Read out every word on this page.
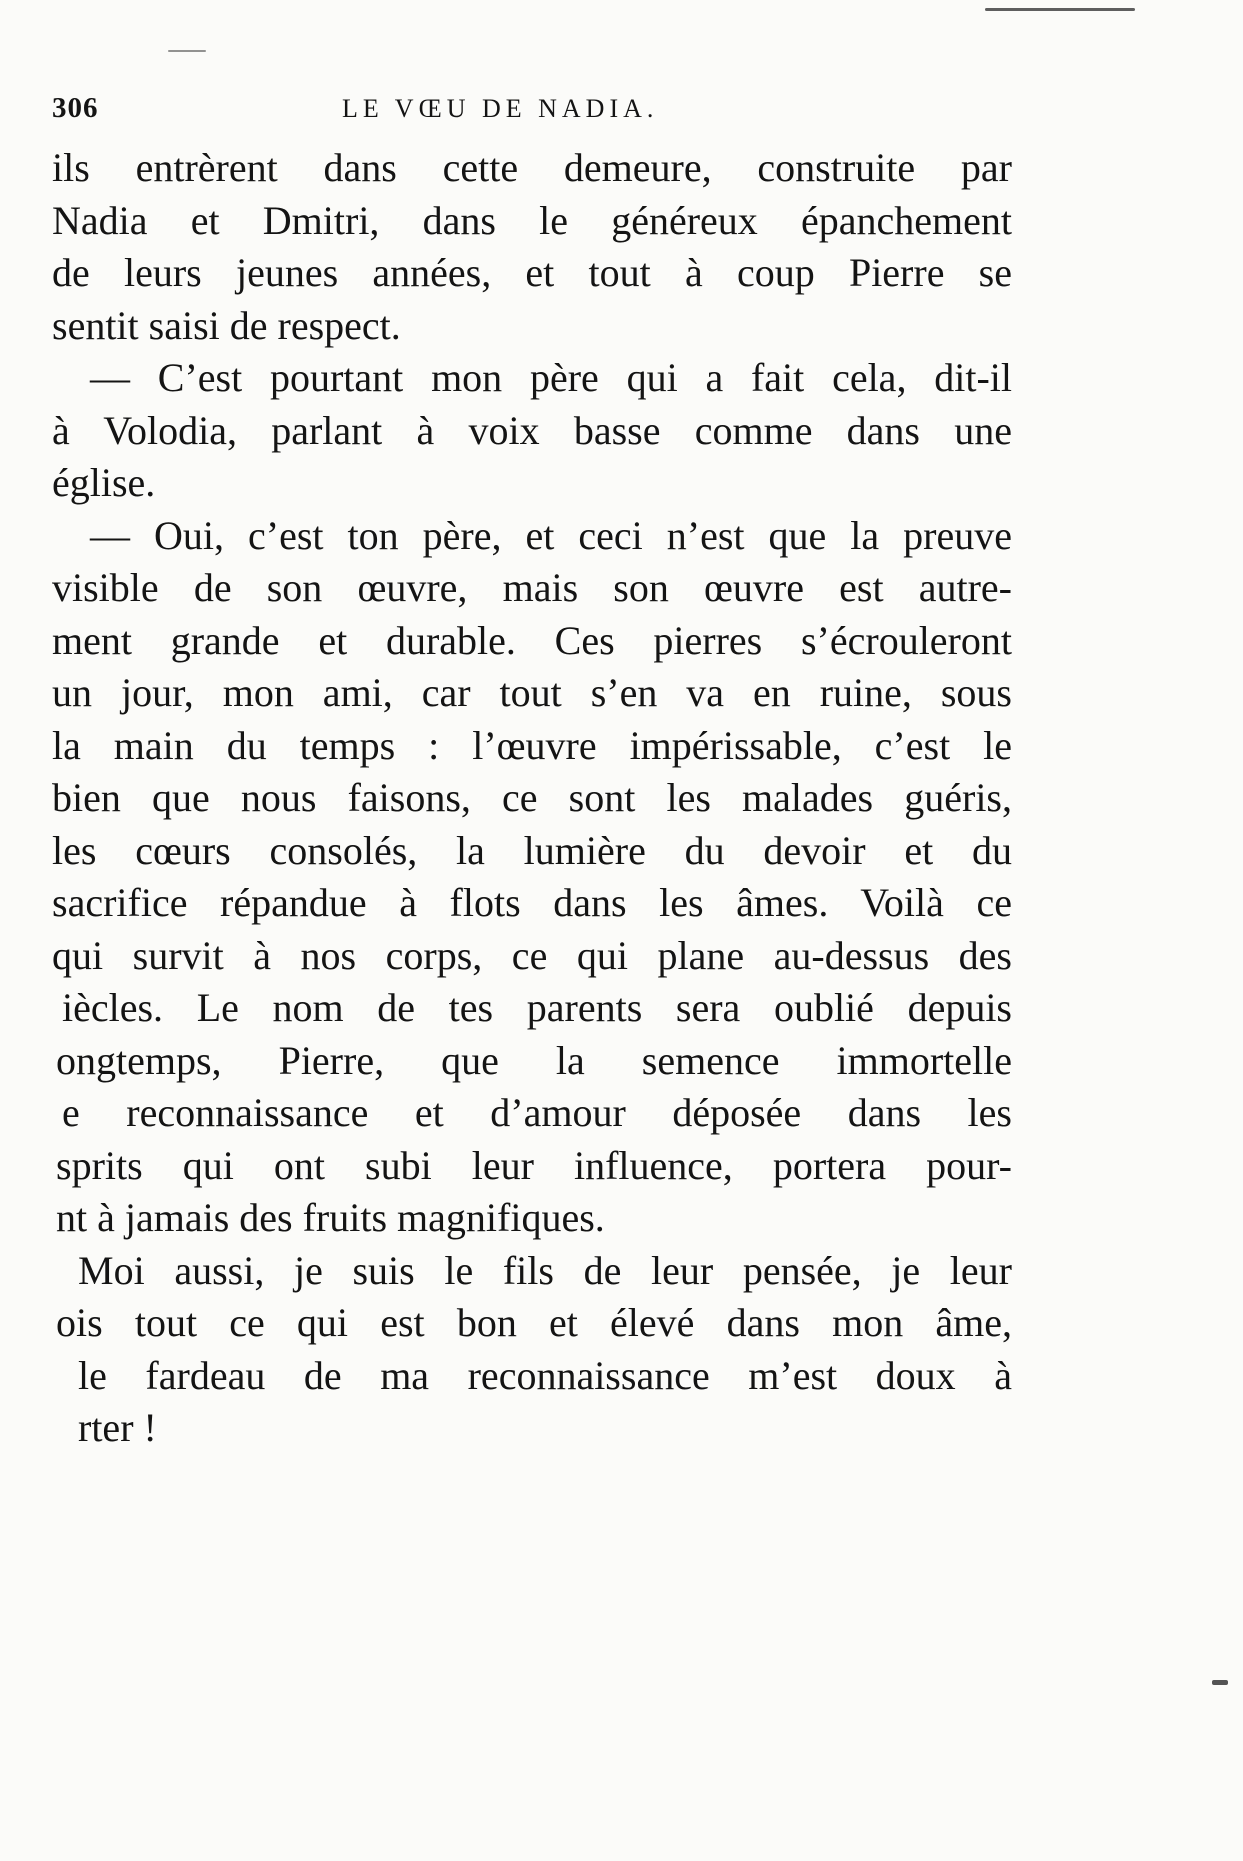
306	LE VŒU DE NADIA.
ils entrèrent dans cette demeure, construite par
Nadia et Dmitri, dans le généreux épanchement
de leurs jeunes années, et tout à coup Pierre se
sentit saisi de respect.
— C’est pourtant mon père qui a fait cela, dit-il
à Volodia, parlant à voix basse comme dans une
église.
— Oui, c’est ton père, et ceci n’est que la preuve
visible de son œuvre, mais son œuvre est autre-
ment grande et durable. Ces pierres s’écrouleront
un jour, mon ami, car tout s’en va en ruine, sous
la main du temps : l’œuvre impérissable, c’est le
bien que nous faisons, ce sont les malades guéris,
les cœurs consolés, la lumière du devoir et du
sacrifice répandue à flots dans les âmes. Voilà ce
qui survit à nos corps, ce qui plane au-dessus des
iècles. Le nom de tes parents sera oublié depuis
ongtemps, Pierre, que la semence immortelle
e reconnaissance et d’amour déposée dans les
sprits qui ont subi leur influence, portera pour-
nt à jamais des fruits magnifiques.
Moi aussi, je suis le fils de leur pensée, je leur
ois tout ce qui est bon et élevé dans mon âme,
le fardeau de ma reconnaissance m’est doux à
rter !
